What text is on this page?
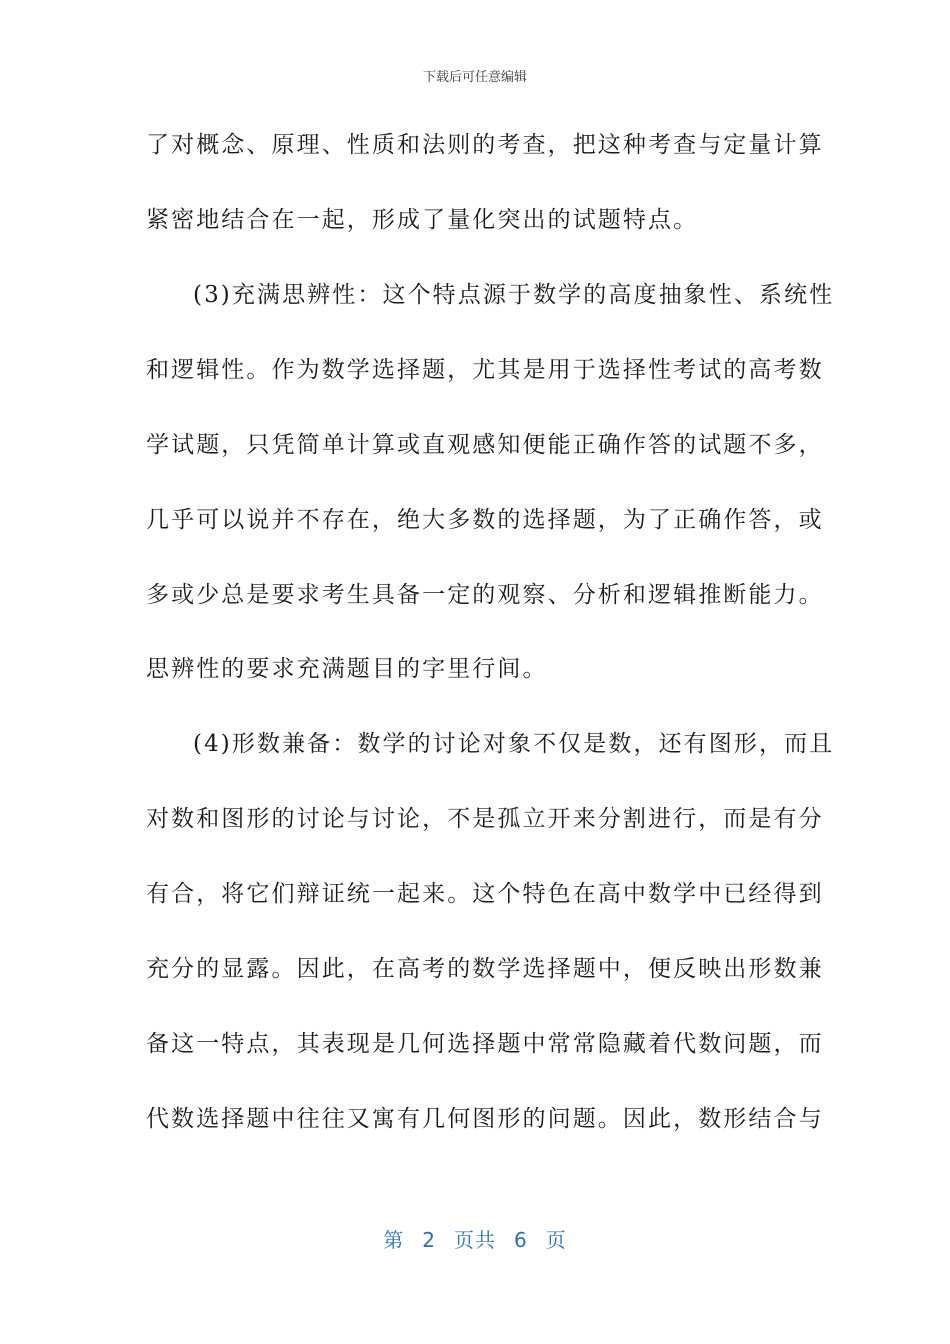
下载后可任意编辑
了对概念、原理、性质和法则的考查，把这种考查与定量计算
紧密地结合在一起，形成了量化突出的试题特点。
(3)充满思辨性：这个特点源于数学的高度抽象性、系统性
和逻辑性。作为数学选择题，尤其是用于选择性考试的高考数
学试题，只凭简单计算或直观感知便能正确作答的试题不多，
几乎可以说并不存在，绝大多数的选择题，为了正确作答，或
多或少总是要求考生具备一定的观察、分析和逻辑推断能力。
思辨性的要求充满题目的字里行间。
(4)形数兼备：数学的讨论对象不仅是数，还有图形，而且
对数和图形的讨论与讨论，不是孤立开来分割进行，而是有分
有合，将它们辩证统一起来。这个特色在高中数学中已经得到
充分的显露。因此，在高考的数学选择题中，便反映出形数兼
备这一特点，其表现是几何选择题中常常隐藏着代数问题，而
代数选择题中往往又寓有几何图形的问题。因此，数形结合与
第 2 页共 6 页
